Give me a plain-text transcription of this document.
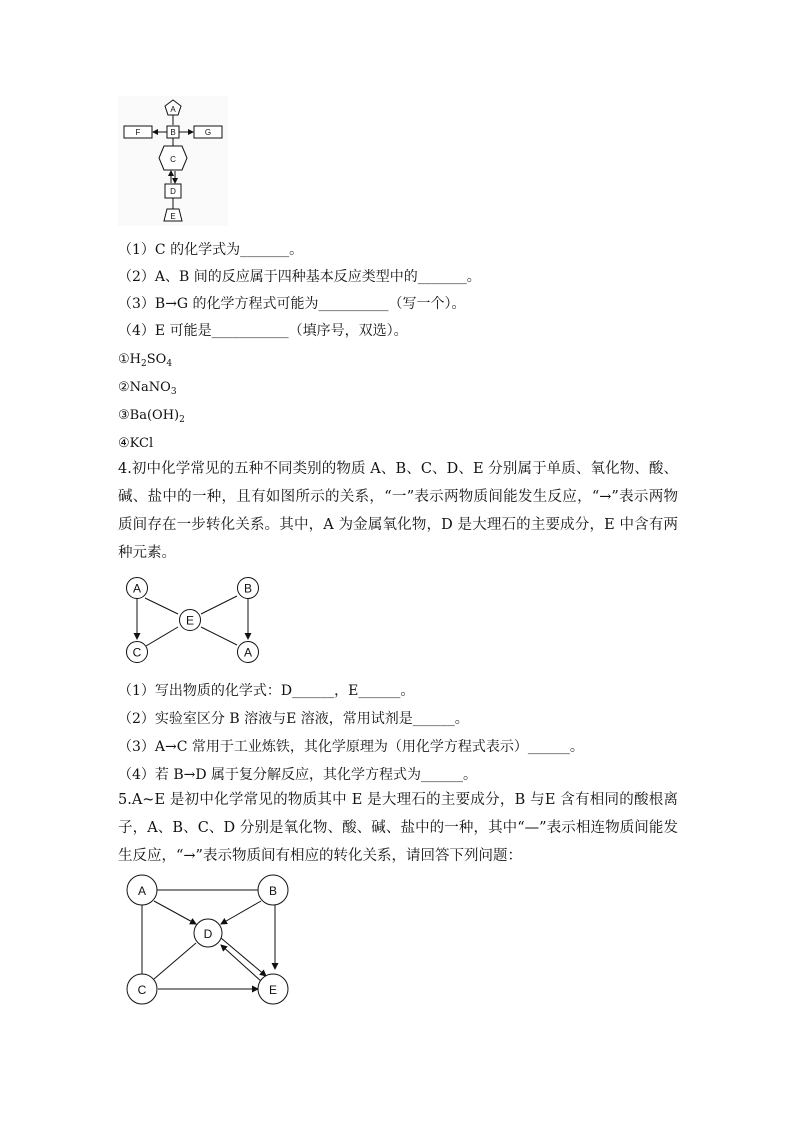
A
F	B	G
C
D
E
（1）C 的化学式为_______。
（2）A、B 间的反应属于四种基本反应类型中的_______。
（3）B→G 的化学方程式可能为__________（写一个）。
（4）E 可能是___________（填序号，双选）。
$①H_2SO_4$
②NaNO$_3$
$③Ba(OH)_2$
④KCl
4.初中化学常见的五种不同类别的物质 A、B、C、D、E 分别属于单质、氧化物、酸、碱、盐中的一种，且有如图所示的关系，“一”表示两物质间能发生反应，“→”表示两物质间存在一步转化关系。其中，A 为金属氧化物，D 是大理石的主要成分，E 中含有两种元素。
A	B
E
C	A
（1）写出物质的化学式：D______，E______。
（2）实验室区分 B 溶液与E 溶液，常用试剂是______。
（3）A→C 常用于工业炼铁，其化学原理为（用化学方程式表示）______。
（4）若 B→D 属于复分解反应，其化学方程式为______。
5.A~E 是初中化学常见的物质其中 E 是大理石的主要成分，B 与E 含有相同的酸根离子，A、B、C、D 分别是氧化物、酸、碱、盐中的一种，其中“—”表示相连物质间能发生反应，“→”表示物质间有相应的转化关系，请回答下列问题：
A	B
D
C	E
